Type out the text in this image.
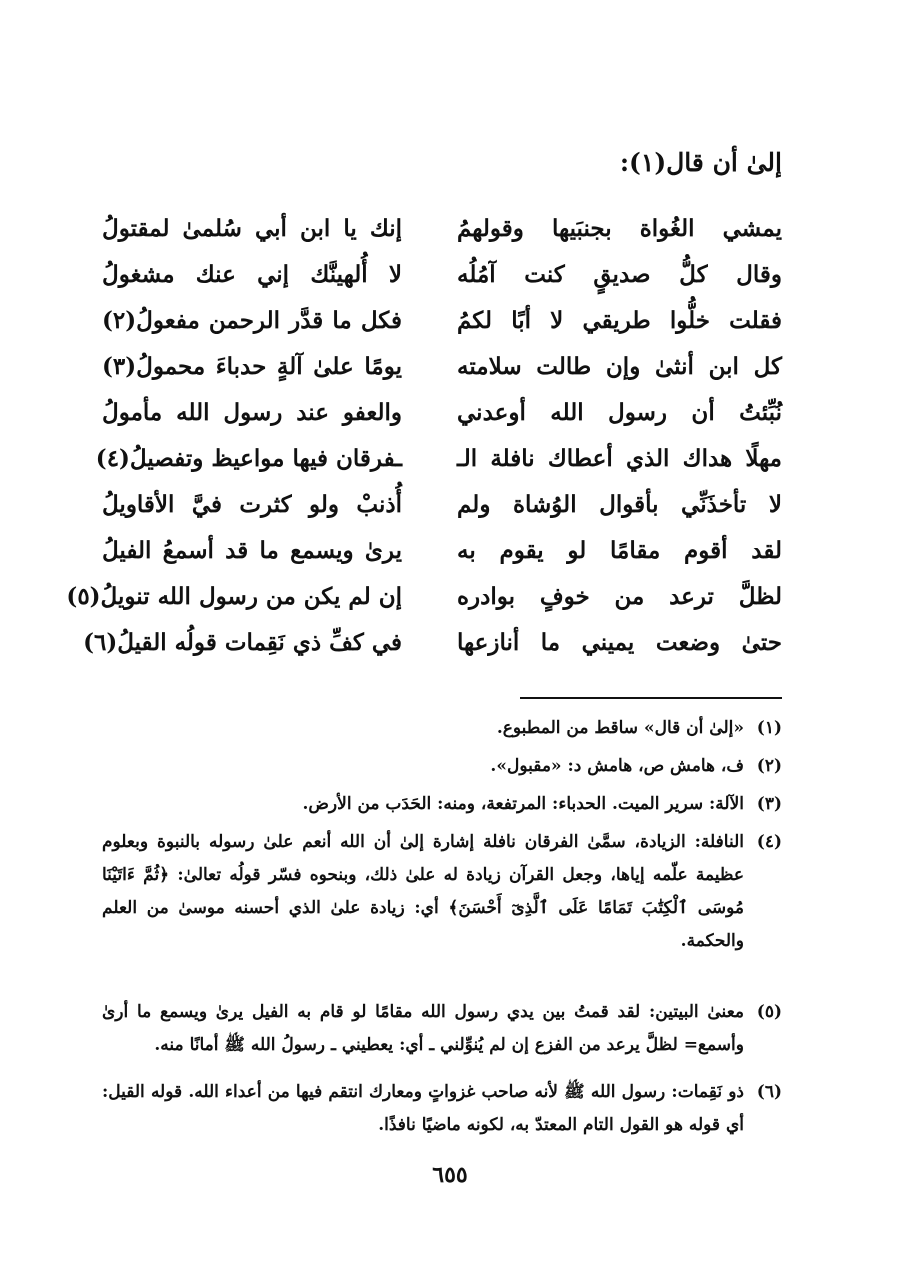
إلىٰ أن قال(١):
يمشي الغُواة بجنبَيها وقولهمُ
إنك يا ابن أبي سُلمىٰ لمقتولُ
وقال كلُّ صديقٍ كنت آمُلُه
لا أُلهينَّك إني عنك مشغولُ
فقلت خلُّوا طريقي لا أبًا لكمُ
فكل ما قدَّر الرحمن مفعولُ(٢)
كل ابن أنثىٰ وإن طالت سلامته
يومًا علىٰ آلةٍ حدباءَ محمولُ(٣)
نُبِّئتُ أن رسول الله أوعدني
والعفو عند رسول الله مأمولُ
مهلًا هداك الذي أعطاك نافلة الـ
ـفرقان فيها مواعيظ وتفصيلُ(٤)
لا تأخذَنِّي بأقوال الوُشاة ولم
أُذنبْ ولو كثرت فيَّ الأقاويلُ
لقد أقوم مقامًا لو يقوم به
يرىٰ ويسمع ما قد أسمعُ الفيلُ
لظلَّ ترعد من خوفٍ بوادره
إن لم يكن من رسول الله تنويلُ(٥)
حتىٰ وضعت يميني ما أنازعها
في كفِّ ذي نَقِمات قولُه القيلُ(٦)
(١)
«إلىٰ أن قال» ساقط من المطبوع.
(٢)
ف، هامش ص، هامش د: «مقبول».
(٣)
الآلة: سرير الميت. الحدباء: المرتفعة، ومنه: الحَدَب من الأرض.
(٤)
النافلة: الزيادة، سمَّىٰ الفرقان نافلة إشارة إلىٰ أن الله أنعم علىٰ رسوله بالنبوة وبعلوم عظيمة علّمه إياها، وجعل القرآن زيادة له علىٰ ذلك، وبنحوه فسّر قولُه تعالىٰ: ﴿ثُمَّ ءَاتَيْنَا مُوسَى ٱلْكِتَٰبَ تَمَامًا عَلَى ٱلَّذِىٓ أَحْسَنَ﴾ أي: زيادة علىٰ الذي أحسنه موسىٰ من العلم والحكمة.
(٥)
معنىٰ البيتين: لقد قمتُ بين يدي رسول الله مقامًا لو قام به الفيل يرىٰ ويسمع ما أرىٰ وأسمع= لظلَّ يرعد من الفزع إن لم يُنوِّلني ـ أي: يعطيني ـ رسولُ الله ﷺ أمانًا منه.
(٦)
ذو نَقِمات: رسول الله ﷺ لأنه صاحب غزواتٍ ومعارك انتقم فيها من أعداء الله. قوله القيل: أي قوله هو القول التام المعتدّ به، لكونه ماضيًا نافذًا.
٦٥٥
